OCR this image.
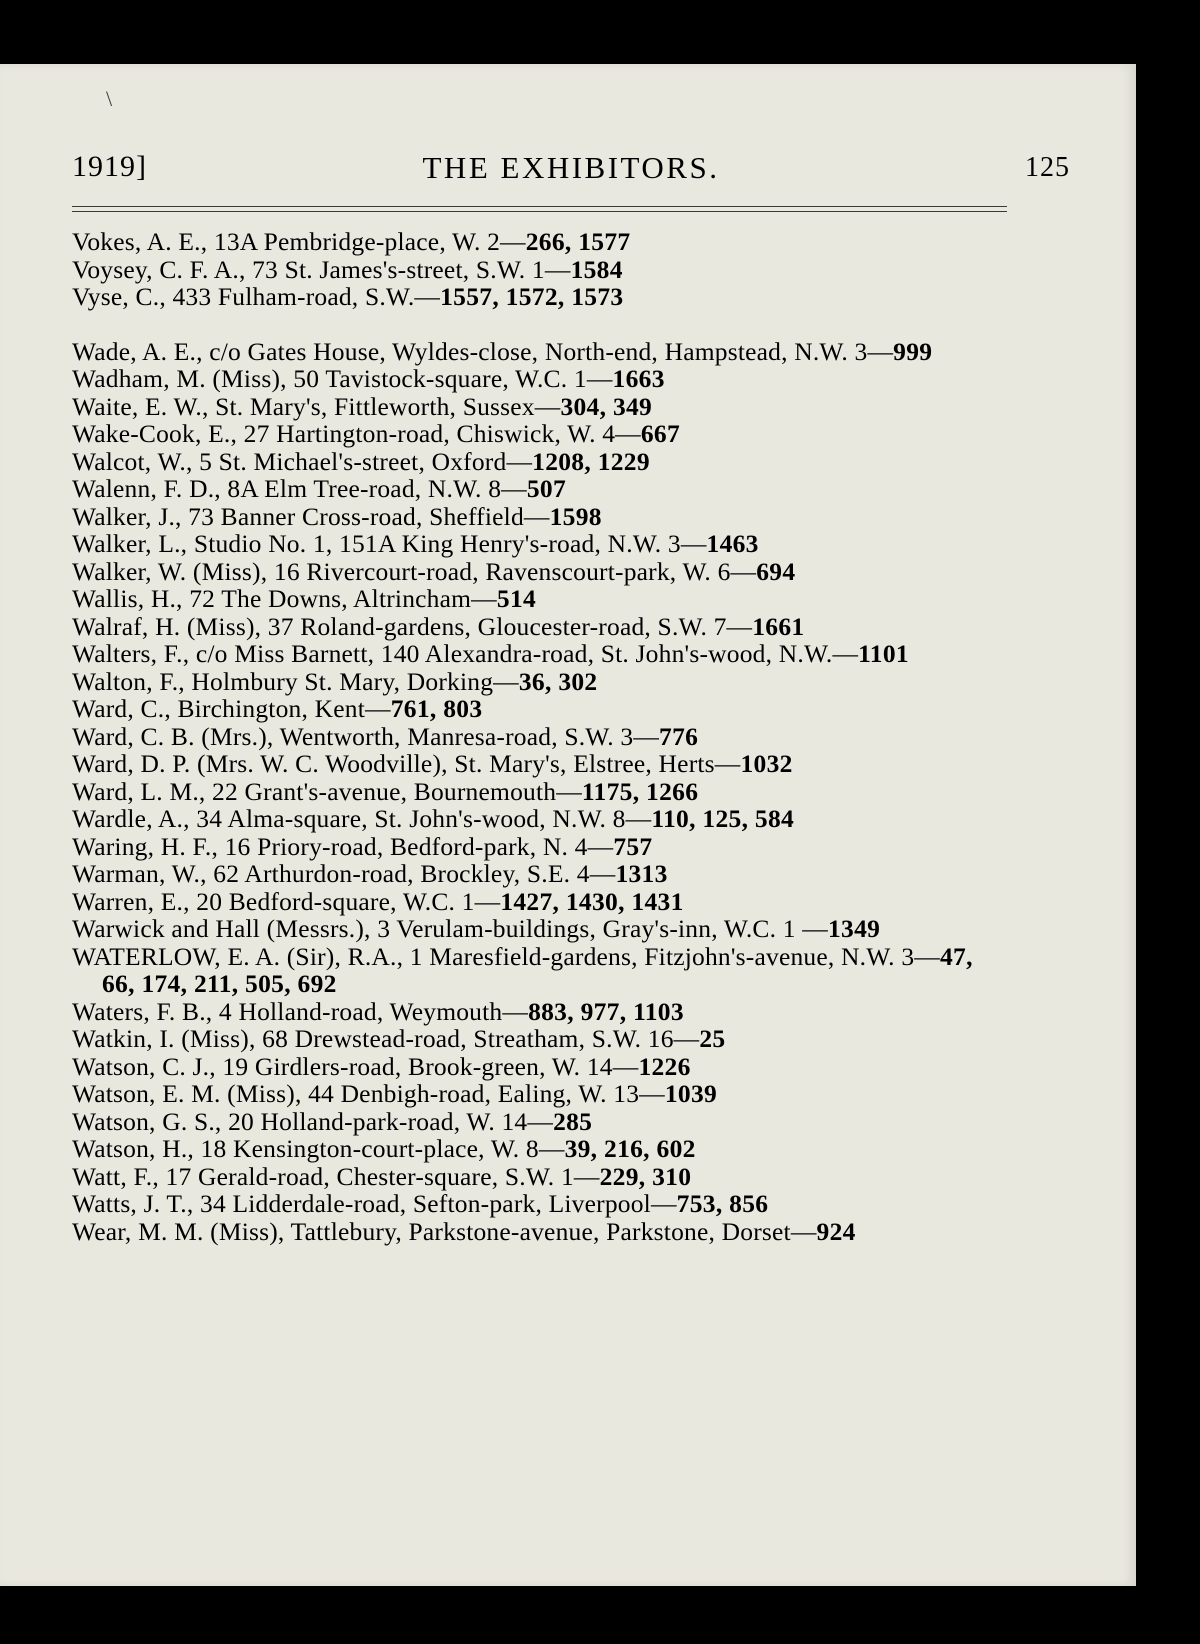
\
1919]	THE EXHIBITORS.	125
Vokes, A. E., 13A Pembridge-place, W. 2—266, 1577
Voysey, C. F. A., 73 St. James's-street, S.W. 1—1584
Vyse, C., 433 Fulham-road, S.W.—1557, 1572, 1573
Wade, A. E., c/o Gates House, Wyldes-close, North-end, Hampstead, N.W. 3—999
Wadham, M. (Miss), 50 Tavistock-square, W.C. 1—1663
Waite, E. W., St. Mary's, Fittleworth, Sussex—304, 349
Wake-Cook, E., 27 Hartington-road, Chiswick, W. 4—667
Walcot, W., 5 St. Michael's-street, Oxford—1208, 1229
Walenn, F. D., 8A Elm Tree-road, N.W. 8—507
Walker, J., 73 Banner Cross-road, Sheffield—1598
Walker, L., Studio No. 1, 151A King Henry's-road, N.W. 3—1463
Walker, W. (Miss), 16 Rivercourt-road, Ravenscourt-park, W. 6—694
Wallis, H., 72 The Downs, Altrincham—514
Walraf, H. (Miss), 37 Roland-gardens, Gloucester-road, S.W. 7—1661
Walters, F., c/o Miss Barnett, 140 Alexandra-road, St. John's-wood, N.W.—1101
Walton, F., Holmbury St. Mary, Dorking—36, 302
Ward, C., Birchington, Kent—761, 803
Ward, C. B. (Mrs.), Wentworth, Manresa-road, S.W. 3—776
Ward, D. P. (Mrs. W. C. Woodville), St. Mary's, Elstree, Herts—1032
Ward, L. M., 22 Grant's-avenue, Bournemouth—1175, 1266
Wardle, A., 34 Alma-square, St. John's-wood, N.W. 8—110, 125, 584
Waring, H. F., 16 Priory-road, Bedford-park, N. 4—757
Warman, W., 62 Arthurdon-road, Brockley, S.E. 4—1313
Warren, E., 20 Bedford-square, W.C. 1—1427, 1430, 1431
Warwick and Hall (Messrs.), 3 Verulam-buildings, Gray's-inn, W.C. 1 —1349
WATERLOW, E. A. (Sir), R.A., 1 Maresfield-gardens, Fitzjohn's-avenue, N.W. 3—47, 66, 174, 211, 505, 692
Waters, F. B., 4 Holland-road, Weymouth—883, 977, 1103
Watkin, I. (Miss), 68 Drewstead-road, Streatham, S.W. 16—25
Watson, C. J., 19 Girdlers-road, Brook-green, W. 14—1226
Watson, E. M. (Miss), 44 Denbigh-road, Ealing, W. 13—1039
Watson, G. S., 20 Holland-park-road, W. 14—285
Watson, H., 18 Kensington-court-place, W. 8—39, 216, 602
Watt, F., 17 Gerald-road, Chester-square, S.W. 1—229, 310
Watts, J. T., 34 Lidderdale-road, Sefton-park, Liverpool—753, 856
Wear, M. M. (Miss), Tattlebury, Parkstone-avenue, Parkstone, Dorset—924
